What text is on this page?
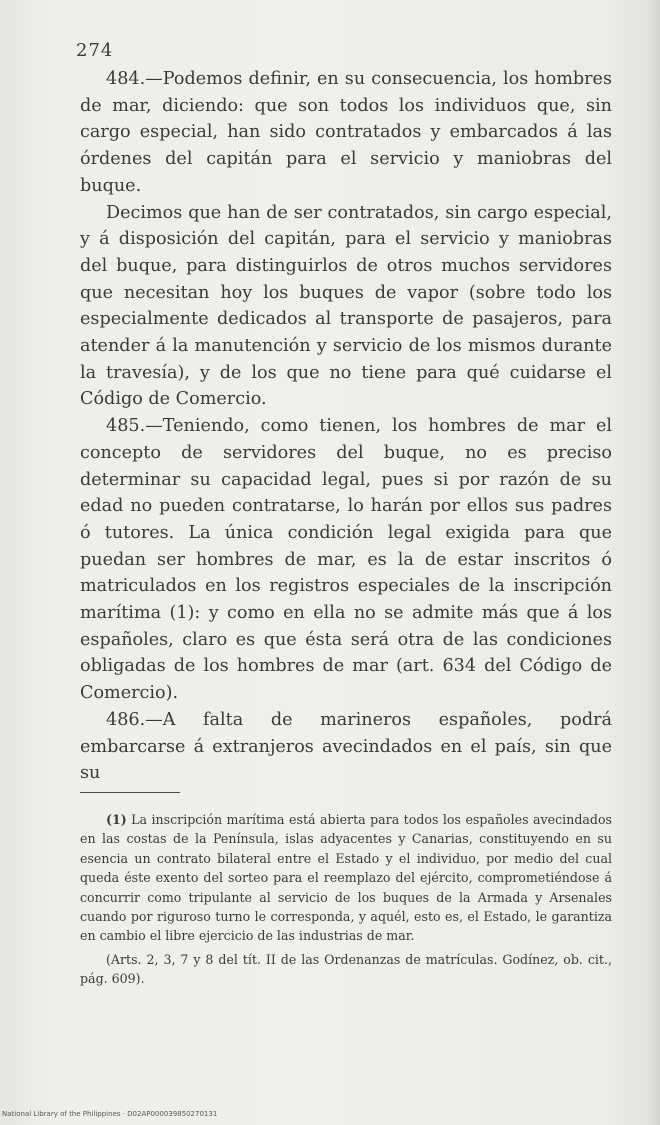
274

484.—Podemos definir, en su consecuencia, los hombres de mar, diciendo: que son todos los individuos que, sin cargo especial, han sido contratados y embarcados á las órdenes del capitán para el servicio y maniobras del buque.

Decimos que han de ser contratados, sin cargo especial, y á disposición del capitán, para el servicio y maniobras del buque, para distinguirlos de otros muchos servidores que necesitan hoy los buques de vapor (sobre todo los especialmente dedicados al transporte de pasajeros, para atender á la manutención y servicio de los mismos durante la travesía), y de los que no tiene para qué cuidarse el Código de Comercio.

485.—Teniendo, como tienen, los hombres de mar el concepto de servidores del buque, no es preciso determinar su capacidad legal, pues si por razón de su edad no pueden contratarse, lo harán por ellos sus padres ó tutores. La única condición legal exigida para que puedan ser hombres de mar, es la de estar inscritos ó matriculados en los registros especiales de la inscripción marítima (1): y como en ella no se admite más que á los españoles, claro es que ésta será otra de las condiciones obligadas de los hombres de mar (art. 634 del Código de Comercio).

486.—A falta de marineros españoles, podrá embarcarse á extranjeros avecindados en el país, sin que su

(1) La inscripción marítima está abierta para todos los españoles avecindados en las costas de la Península, islas adyacentes y Canarias, constituyendo en su esencia un contrato bilateral entre el Estado y el individuo, por medio del cual queda éste exento del sorteo para el reemplazo del ejército, comprometiéndose á concurrir como tripulante al servicio de los buques de la Armada y Arsenales cuando por riguroso turno le corresponda, y aquél, esto es, el Estado, le garantiza en cambio el libre ejercicio de las industrias de mar.

(Arts. 2, 3, 7 y 8 del tít. II de las Ordenanzas de matrículas. Godínez, ob. cit., pág. 609).

National Library of the Philippines · D02AP000039850270131
